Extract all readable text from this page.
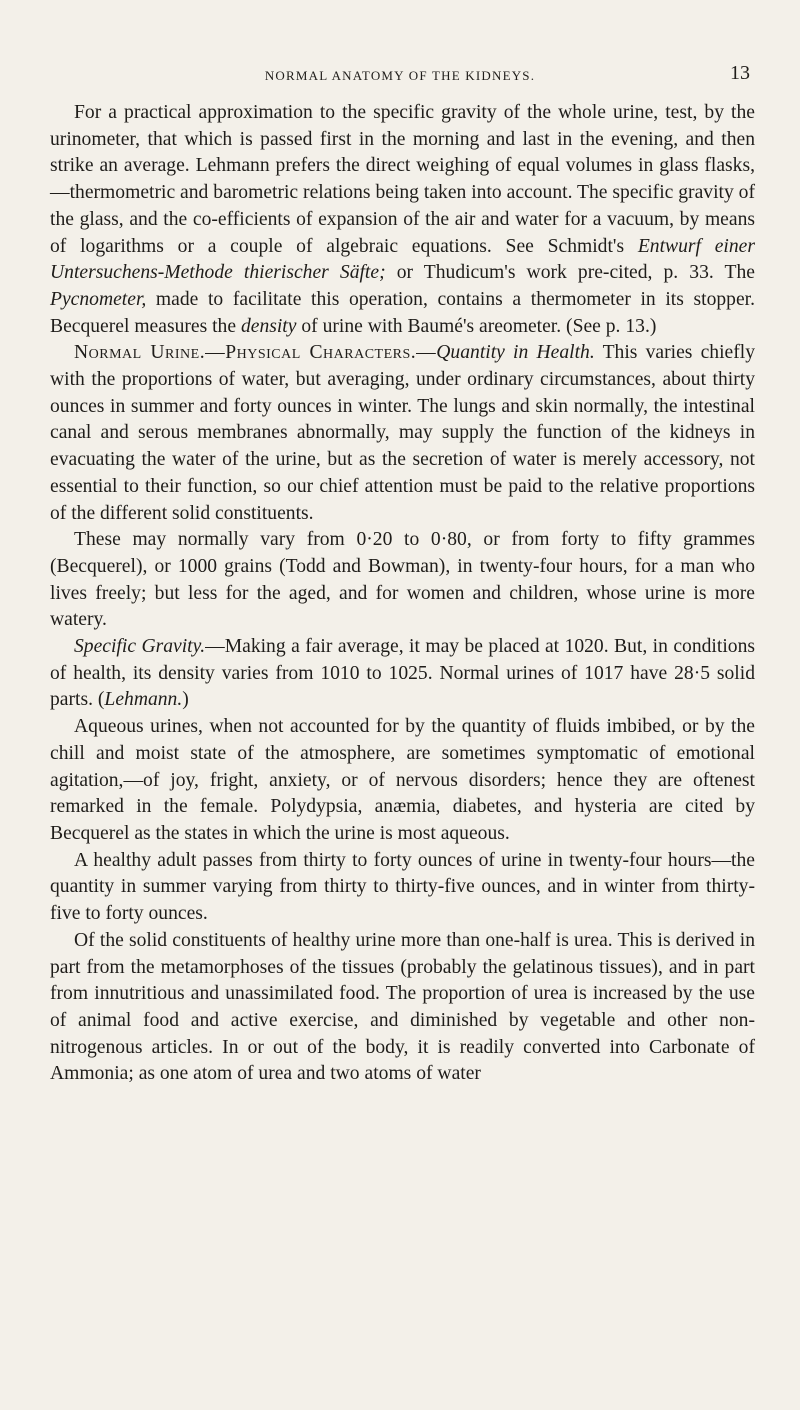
NORMAL ANATOMY OF THE KIDNEYS.	13

For a practical approximation to the specific gravity of the whole urine, test, by the urinometer, that which is passed first in the morning and last in the evening, and then strike an average. Lehmann prefers the direct weighing of equal volumes in glass flasks,—thermometric and barometric relations being taken into account. The specific gravity of the glass, and the co-efficients of expansion of the air and water for a vacuum, by means of logarithms or a couple of algebraic equations. See Schmidt's Entwurf einer Untersuchens-Methode thierischer Säfte; or Thudicum's work pre-cited, p. 33. The Pycnometer, made to facilitate this operation, contains a thermometer in its stopper. Becquerel measures the density of urine with Baumé's areometer. (See p. 13.)

Normal Urine.—Physical Characters.—Quantity in Health. This varies chiefly with the proportions of water, but averaging, under ordinary circumstances, about thirty ounces in summer and forty ounces in winter. The lungs and skin normally, the intestinal canal and serous membranes abnormally, may supply the function of the kidneys in evacuating the water of the urine, but as the secretion of water is merely accessory, not essential to their function, so our chief attention must be paid to the relative proportions of the different solid constituents.

These may normally vary from 0·20 to 0·80, or from forty to fifty grammes (Becquerel), or 1000 grains (Todd and Bowman), in twenty-four hours, for a man who lives freely; but less for the aged, and for women and children, whose urine is more watery.

Specific Gravity.—Making a fair average, it may be placed at 1020. But, in conditions of health, its density varies from 1010 to 1025. Normal urines of 1017 have 28·5 solid parts. (Lehmann.)

Aqueous urines, when not accounted for by the quantity of fluids imbibed, or by the chill and moist state of the atmosphere, are sometimes symptomatic of emotional agitation,—of joy, fright, anxiety, or of nervous disorders; hence they are oftenest remarked in the female. Polydypsia, anæmia, diabetes, and hysteria are cited by Becquerel as the states in which the urine is most aqueous.

A healthy adult passes from thirty to forty ounces of urine in twenty-four hours—the quantity in summer varying from thirty to thirty-five ounces, and in winter from thirty-five to forty ounces.

Of the solid constituents of healthy urine more than one-half is urea. This is derived in part from the metamorphoses of the tissues (probably the gelatinous tissues), and in part from innutritious and unassimilated food. The proportion of urea is increased by the use of animal food and active exercise, and diminished by vegetable and other non-nitrogenous articles. In or out of the body, it is readily converted into Carbonate of Ammonia; as one atom of urea and two atoms of water
